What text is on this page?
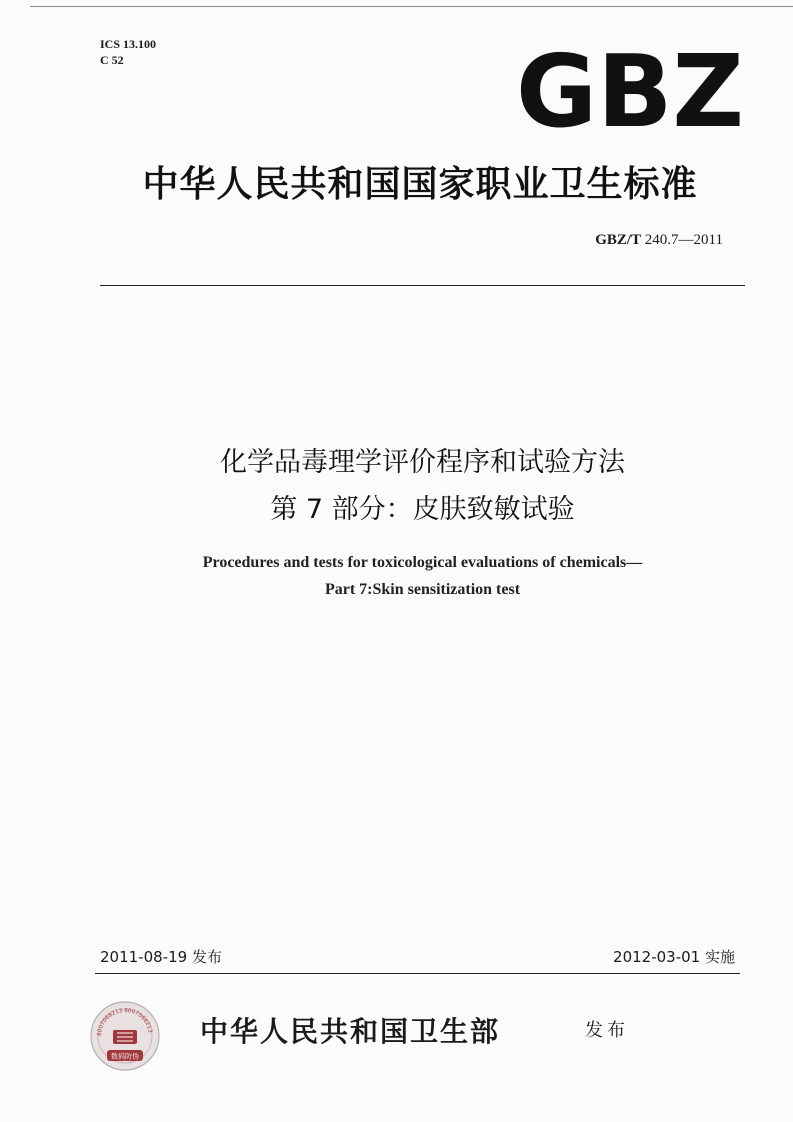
ICS 13.100
C 52	GBZ
中华人民共和国国家职业卫生标准
GBZ/T 240.7—2011
化学品毒理学评价程序和试验方法
第 7 部分：皮肤致敏试验
Procedures and tests for toxicological evaluations of chemicals—
Part 7:Skin sensitization test
2011-08-19 发布	2012-03-01 实施
8007068213 8007068213
数码防伪
中华人民共和国卫生部	发布
